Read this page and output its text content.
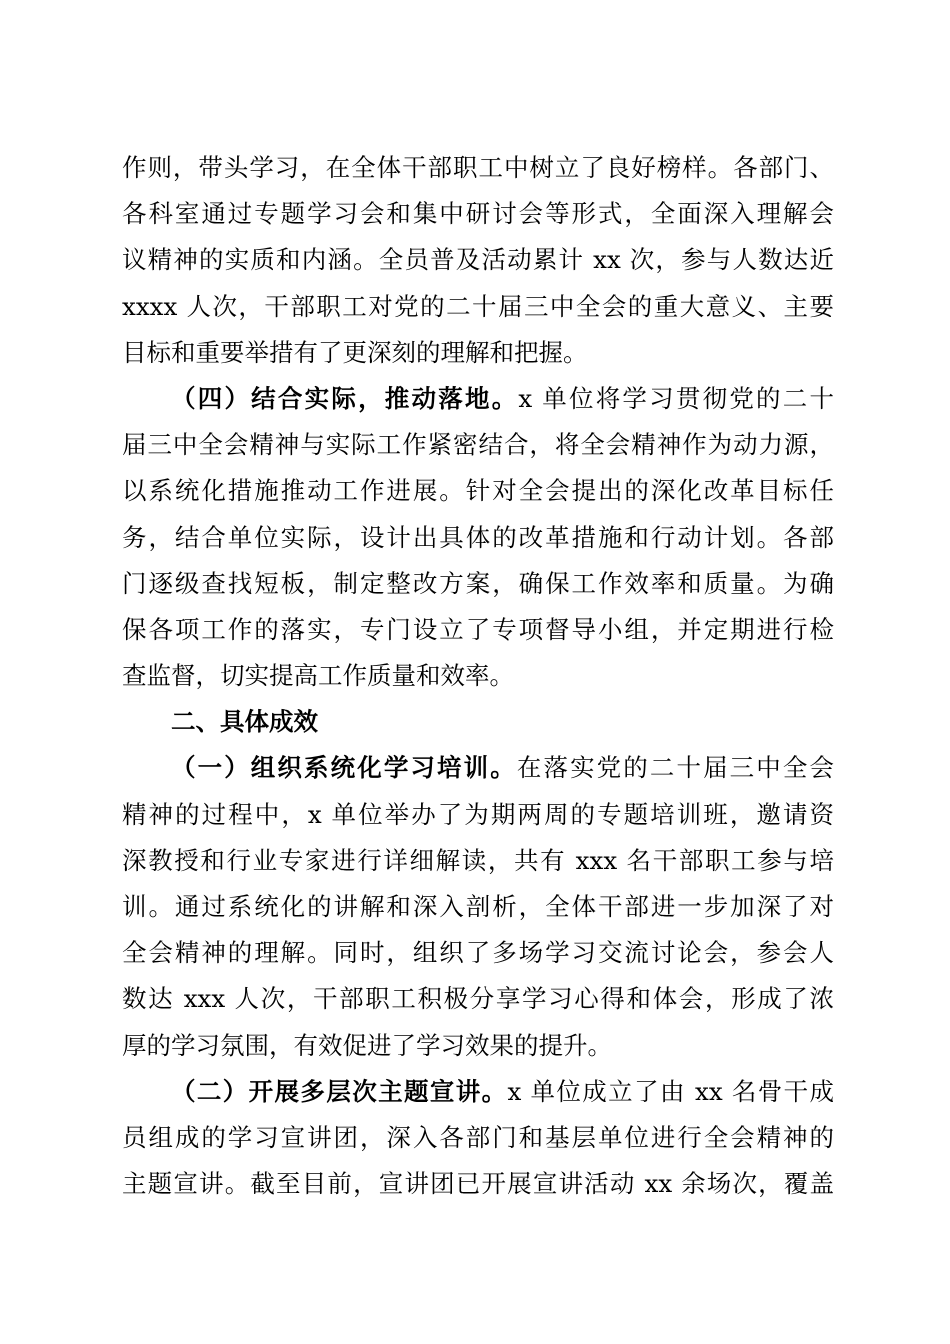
作则，带头学习，在全体干部职工中树立了良好榜样。各部门、
各科室通过专题学习会和集中研讨会等形式，全面深入理解会
议精神的实质和内涵。全员普及活动累计 xx 次，参与人数达近
xxxx 人次，干部职工对党的二十届三中全会的重大意义、主要
目标和重要举措有了更深刻的理解和把握。
（四）结合实际，推动落地。x 单位将学习贯彻党的二十
届三中全会精神与实际工作紧密结合，将全会精神作为动力源，
以系统化措施推动工作进展。针对全会提出的深化改革目标任
务，结合单位实际，设计出具体的改革措施和行动计划。各部
门逐级查找短板，制定整改方案，确保工作效率和质量。为确
保各项工作的落实，专门设立了专项督导小组，并定期进行检
查监督，切实提高工作质量和效率。
二、具体成效
（一）组织系统化学习培训。在落实党的二十届三中全会
精神的过程中，x 单位举办了为期两周的专题培训班，邀请资
深教授和行业专家进行详细解读，共有 xxx 名干部职工参与培
训。通过系统化的讲解和深入剖析，全体干部进一步加深了对
全会精神的理解。同时，组织了多场学习交流讨论会，参会人
数达 xxx 人次，干部职工积极分享学习心得和体会，形成了浓
厚的学习氛围，有效促进了学习效果的提升。
（二）开展多层次主题宣讲。x 单位成立了由 xx 名骨干成
员组成的学习宣讲团，深入各部门和基层单位进行全会精神的
主题宣讲。截至目前，宣讲团已开展宣讲活动 xx 余场次，覆盖
